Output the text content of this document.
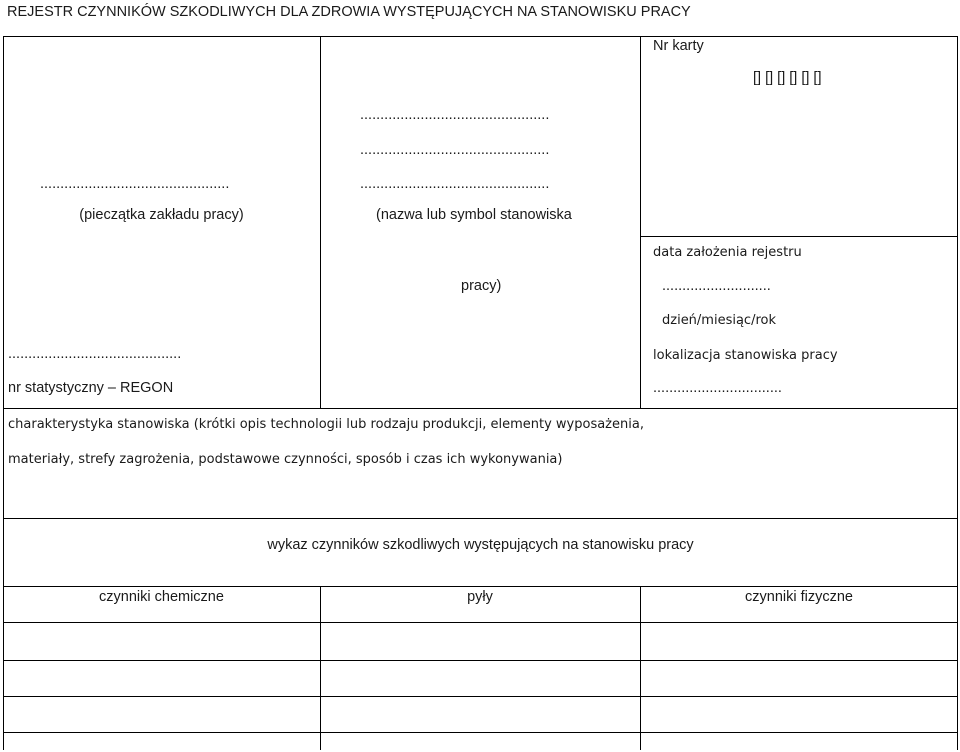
REJESTR CZYNNIKÓW SZKODLIWYCH DLA ZDROWIA WYSTĘPUJĄCYCH NA STANOWISKU PRACY
...............................................
(pieczątka zakładu pracy)
...........................................
nr statystyczny – REGON
...............................................
...............................................
...............................................
(nazwa lub symbol stanowiska
pracy)
Nr karty
[] [] [] [] [] []
data założenia rejestru
...........................
dzień/miesiąc/rok
lokalizacja stanowiska pracy
................................
charakterystyka stanowiska (krótki opis technologii lub rodzaju produkcji, elementy wyposażenia,
materiały, strefy zagrożenia, podstawowe czynności, sposób i czas ich wykonywania)
wykaz czynników szkodliwych występujących na stanowisku pracy
czynniki chemiczne	pyły	czynniki fizyczne
